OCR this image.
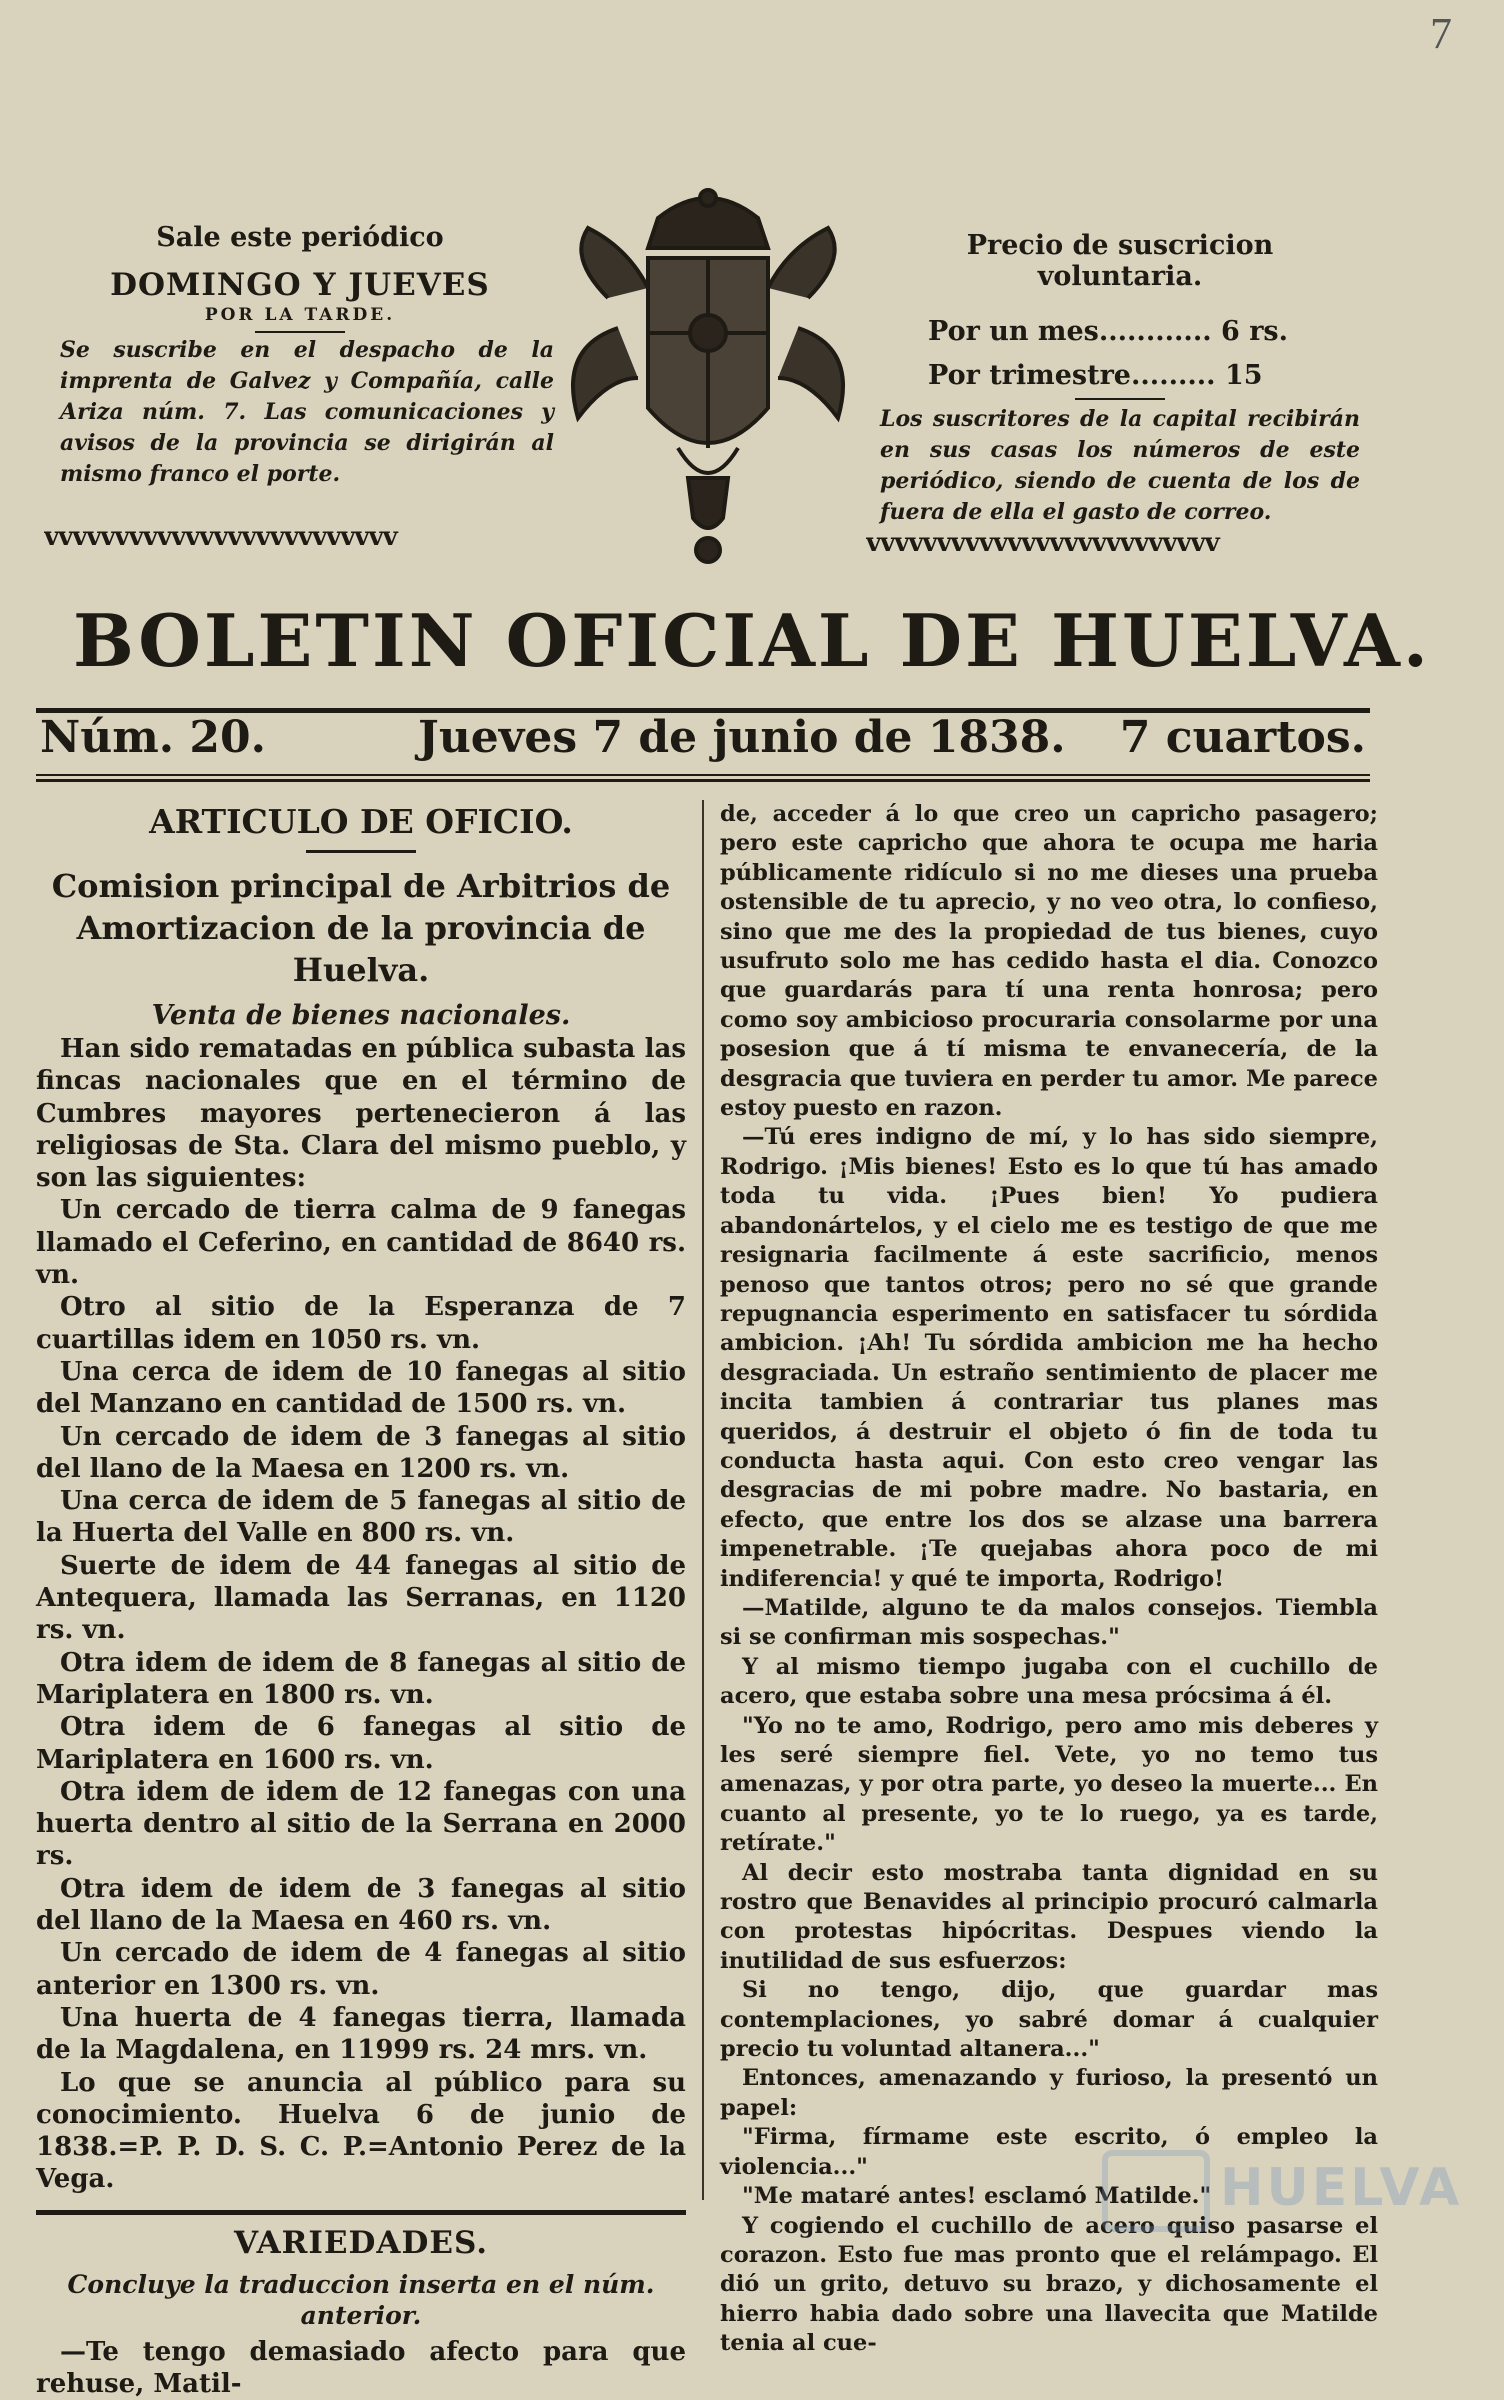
7
Sale este periódico
DOMINGO Y JUEVES
POR LA TARDE.
Se suscribe en el despacho de la imprenta de Galvez y Compañía, calle Ariza núm. 7. Las comunicaciones y avisos de la provincia se dirigirán al mismo franco el porte.
vvvvvvvvvvvvvvvvvvvvvvvvv
Precio de suscricion voluntaria.
Por un mes............ 6 rs.
Por trimestre......... 15
Los suscritores de la capital recibirán en sus casas los números de este periódico, siendo de cuenta de los de fuera de ella el gasto de correo.
vvvvvvvvvvvvvvvvvvvvvvvvv
BOLETIN OFICIAL DE HUELVA.
Núm. 20.	Jueves 7 de junio de 1838. 7 cuartos.
ARTICULO DE OFICIO.
Comision principal de Arbitrios de Amortizacion de la provincia de Huelva.
Venta de bienes nacionales.

Han sido rematadas en pública subasta las fincas nacionales que en el término de Cumbres mayores pertenecieron á las religiosas de Sta. Clara del mismo pueblo, y son las siguientes:

Un cercado de tierra calma de 9 fanegas llamado el Ceferino, en cantidad de 8640 rs. vn.

Otro al sitio de la Esperanza de 7 cuartillas idem en 1050 rs. vn.

Una cerca de idem de 10 fanegas al sitio del Manzano en cantidad de 1500 rs. vn.

Un cercado de idem de 3 fanegas al sitio del llano de la Maesa en 1200 rs. vn.

Una cerca de idem de 5 fanegas al sitio de la Huerta del Valle en 800 rs. vn.

Suerte de idem de 44 fanegas al sitio de Antequera, llamada las Serranas, en 1120 rs. vn.

Otra idem de idem de 8 fanegas al sitio de Mariplatera en 1800 rs. vn.

Otra idem de 6 fanegas al sitio de Mariplatera en 1600 rs. vn.

Otra idem de idem de 12 fanegas con una huerta dentro al sitio de la Serrana en 2000 rs.

Otra idem de idem de 3 fanegas al sitio del llano de la Maesa en 460 rs. vn.

Un cercado de idem de 4 fanegas al sitio anterior en 1300 rs. vn.

Una huerta de 4 fanegas tierra, llamada de la Magdalena, en 11999 rs. 24 mrs. vn.

Lo que se anuncia al público para su conocimiento. Huelva 6 de junio de 1838.=P. P. D. S. C. P.=Antonio Perez de la Vega.

VARIEDADES.
Concluye la traduccion inserta en el núm. anterior.

—Te tengo demasiado afecto para que rehuse, Matil-

de, acceder á lo que creo un capricho pasagero; pero este capricho que ahora te ocupa me haria públicamente ridículo si no me dieses una prueba ostensible de tu aprecio, y no veo otra, lo confieso, sino que me des la propiedad de tus bienes, cuyo usufruto solo me has cedido hasta el dia. Conozco que guardarás para tí una renta honrosa; pero como soy ambicioso procuraria consolarme por una posesion que á tí misma te envanecería, de la desgracia que tuviera en perder tu amor. Me parece estoy puesto en razon.

—Tú eres indigno de mí, y lo has sido siempre, Rodrigo. ¡Mis bienes! Esto es lo que tú has amado toda tu vida. ¡Pues bien! Yo pudiera abandonártelos, y el cielo me es testigo de que me resignaria facilmente á este sacrificio, menos penoso que tantos otros; pero no sé que grande repugnancia esperimento en satisfacer tu sórdida ambicion. ¡Ah! Tu sórdida ambicion me ha hecho desgraciada. Un estraño sentimiento de placer me incita tambien á contrariar tus planes mas queridos, á destruir el objeto ó fin de toda tu conducta hasta aqui. Con esto creo vengar las desgracias de mi pobre madre. No bastaria, en efecto, que entre los dos se alzase una barrera impenetrable. ¡Te quejabas ahora poco de mi indiferencia! y qué te importa, Rodrigo!

—Matilde, alguno te da malos consejos. Tiembla si se confirman mis sospechas."

Y al mismo tiempo jugaba con el cuchillo de acero, que estaba sobre una mesa prócsima á él.

"Yo no te amo, Rodrigo, pero amo mis deberes y les seré siempre fiel. Vete, yo no temo tus amenazas, y por otra parte, yo deseo la muerte... En cuanto al presente, yo te lo ruego, ya es tarde, retírate."

Al decir esto mostraba tanta dignidad en su rostro que Benavides al principio procuró calmarla con protestas hipócritas. Despues viendo la inutilidad de sus esfuerzos:

Si no tengo, dijo, que guardar mas contemplaciones, yo sabré domar á cualquier precio tu voluntad altanera..."

Entonces, amenazando y furioso, la presentó un papel:

"Firma, fírmame este escrito, ó empleo la violencia..."

"Me mataré antes! esclamó Matilde."

Y cogiendo el cuchillo de acero quiso pasarse el corazon. Esto fue mas pronto que el relámpago. El dió un grito, detuvo su brazo, y dichosamente el hierro habia dado sobre una llavecita que Matilde tenia al cue-

HUELVA
